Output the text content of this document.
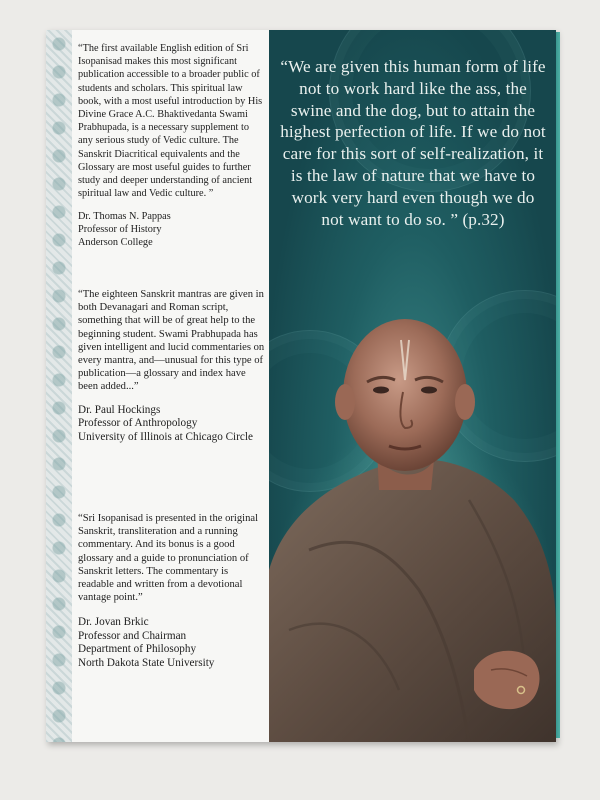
“The first available English edition of Sri Isopanisad makes this most significant publication accessible to a broader public of students and scholars. This spiritual law book, with a most useful introduction by His Divine Grace A.C. Bhaktivedanta Swami Prabhupada, is a necessary supplement to any serious study of Vedic culture. The Sanskrit Diacritical equivalents and the Glossary are most useful guides to further study and deeper understanding of ancient spiritual law and Vedic culture. ”

Dr. Thomas N. Pappas
Professor of History
Anderson College

“The eighteen Sanskrit mantras are given in both Devanagari and Roman script, something that will be of great help to the beginning student. Swami Prabhupada has given intelligent and lucid commentaries on every mantra, and—unusual for this type of publication—a glossary and index have been added...”

Dr. Paul Hockings
Professor of Anthropology
University of Illinois at Chicago Circle

“Sri Isopanisad is presented in the original Sanskrit, transliteration and a running commentary. And its bonus is a good glossary and a guide to pronunciation of Sanskrit letters. The commentary is readable and written from a devotional vantage point.”

Dr. Jovan Brkic
Professor and Chairman
Department of Philosophy
North Dakota State University

“We are given this human form of life not to work hard like the ass, the swine and the dog, but to attain the highest perfection of life. If we do not care for this sort of self-realization, it is the law of nature that we have to work very hard even though we do not want to do so. ” (p.32)
